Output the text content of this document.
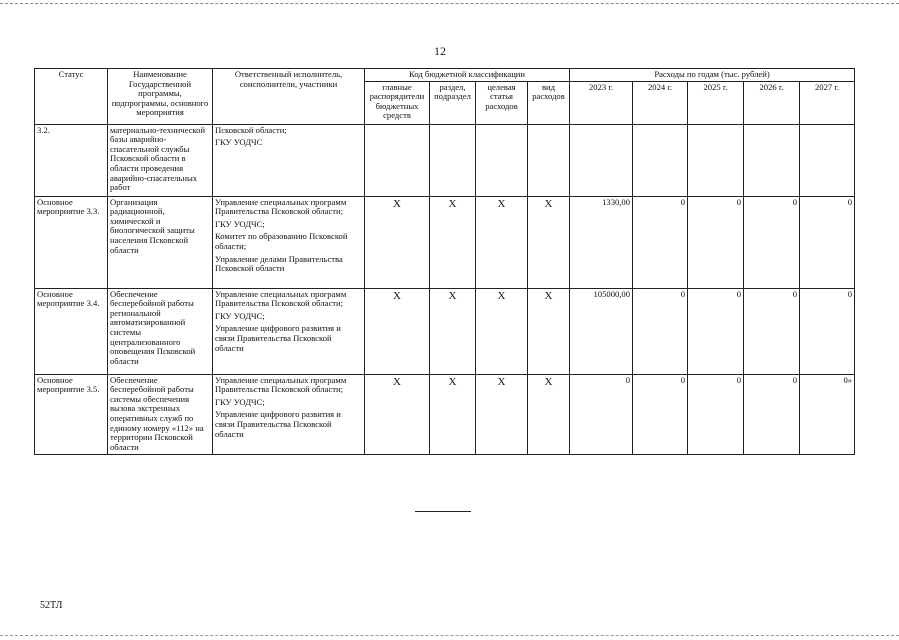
12
Статус	Наименование Государственной программы, подпрограммы, основного мероприятия	Ответственный исполнитель, соисполнители, участники	Код бюджетной классификации				Расходы по годам (тыс. рублей)				
			главные распорядители бюджетных средств	раздел, подраздел	целевая статья расходов	вид расходов	2023 г.	2024 г.	2025 г.	2026 г.	2027 г.
3.2.	материально-технической базы аварийно-спасательной службы Псковской области в области проведения аварийно-спасательных работ	Псковской области;
ГКУ УОДЧС									

Основное мероприятие 3.3.	Организация радиационной, химической и биологической защиты населения Псковской области	Управление специальных программ Правительства Псковской области;
ГКУ УОДЧС;
Комитет по образованию Псковской области;
Управление делами Правительства Псковской области	X	X	X	X	1330,00	0	0	0	0
Основное мероприятие 3.4.	Обеспечение бесперебойной работы региональной автоматизированной системы централизованного оповещения Псковской области	Управление специальных программ Правительства Псковской области;
ГКУ УОДЧС;
Управление цифрового развития и связи Правительства Псковской области	X	X	X	X	105000,00	0	0	0	0
Основное мероприятие 3.5.	Обеспечение бесперебойной работы системы обеспечения вызова экстренных оперативных служб по единому номеру «112» на территории Псковской области	Управление специальных программ Правительства Псковской области;
ГКУ УОДЧС;
Управление цифрового развития и связи Правительства Псковской области	X	X	X	X	0	0	0	0	0»
52ТЛ
